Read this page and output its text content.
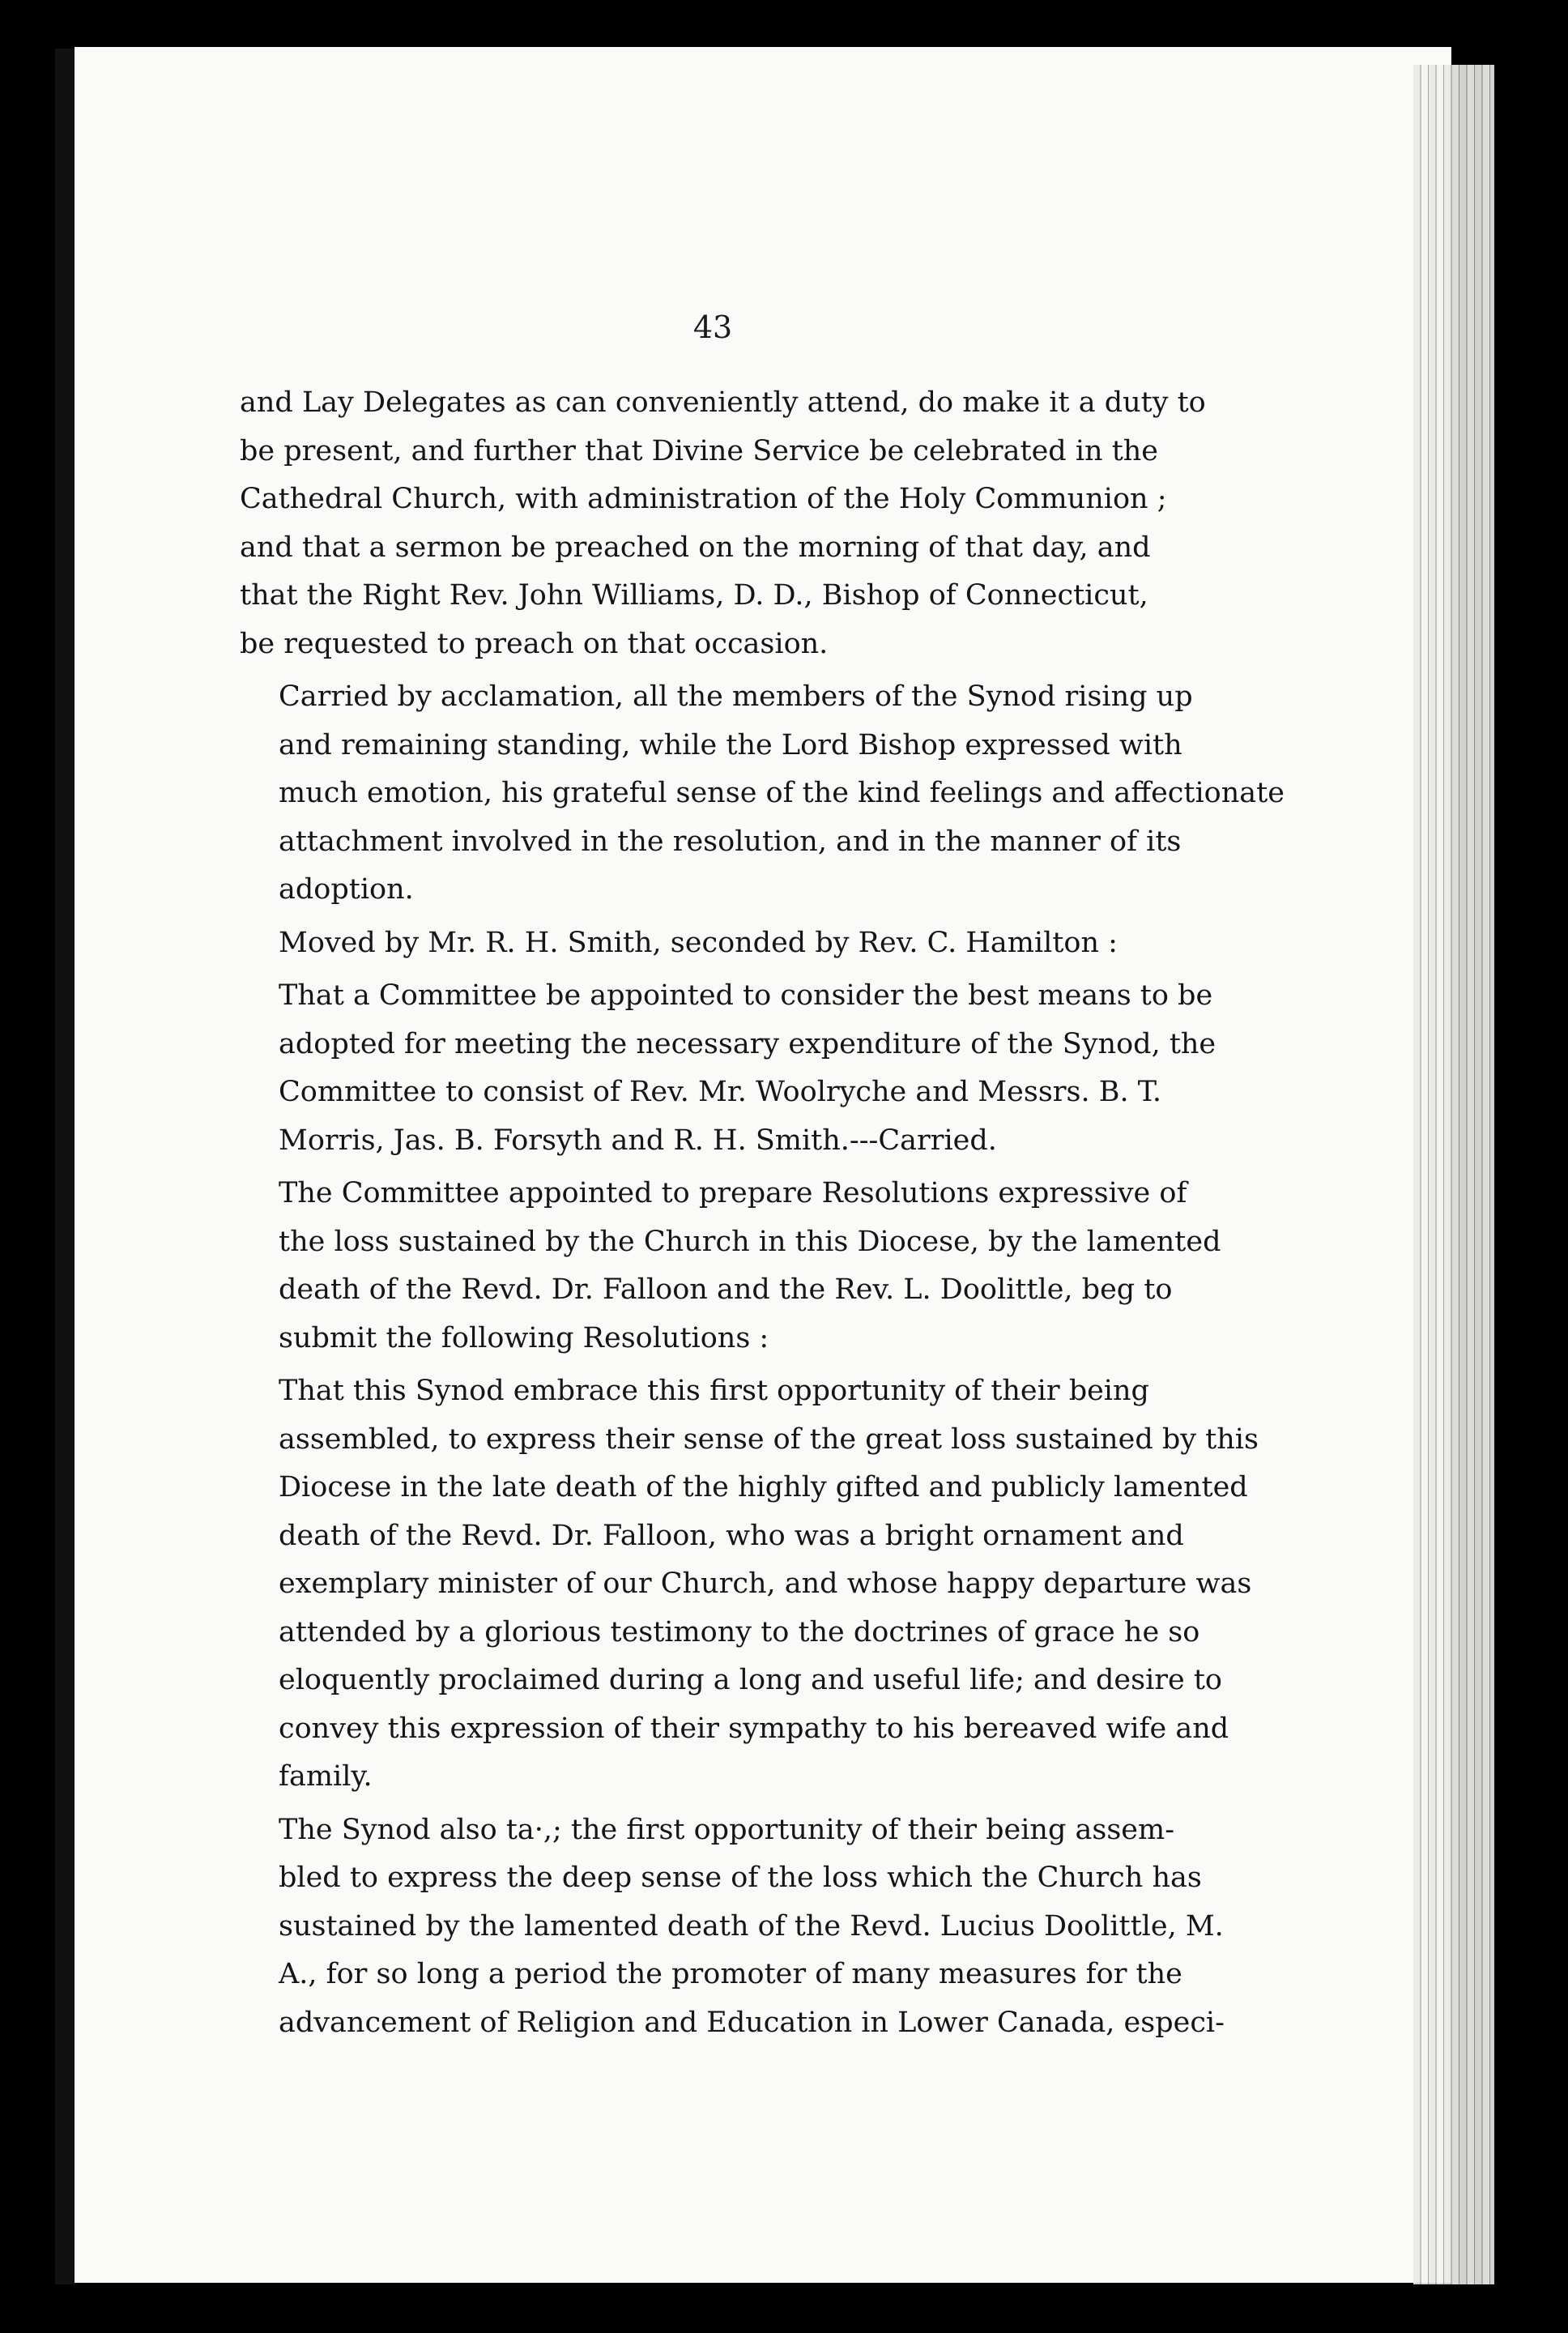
43

and Lay Delegates as can conveniently attend, do make it a duty to
be present, and further that Divine Service be celebrated in the
Cathedral Church, with administration of the Holy Communion ;
and that a sermon be preached on the morning of that day, and
that the Right Rev. John Williams, D. D., Bishop of Connecticut,
be requested to preach on that occasion.

Carried by acclamation, all the members of the Synod rising up
and remaining standing, while the Lord Bishop expressed with
much emotion, his grateful sense of the kind feelings and affectionate
attachment involved in the resolution, and in the manner of its
adoption.

Moved by Mr. R. H. Smith, seconded by Rev. C. Hamilton :

That a Committee be appointed to consider the best means to be
adopted for meeting the necessary expenditure of the Synod, the
Committee to consist of Rev. Mr. Woolryche and Messrs. B. T.
Morris, Jas. B. Forsyth and R. H. Smith.---Carried.

The Committee appointed to prepare Resolutions expressive of
the loss sustained by the Church in this Diocese, by the lamented
death of the Revd. Dr. Falloon and the Rev. L. Doolittle, beg to
submit the following Resolutions :

That this Synod embrace this first opportunity of their being
assembled, to express their sense of the great loss sustained by this
Diocese in the late death of the highly gifted and publicly lamented
death of the Revd. Dr. Falloon, who was a bright ornament and
exemplary minister of our Church, and whose happy departure was
attended by a glorious testimony to the doctrines of grace he so
eloquently proclaimed during a long and useful life; and desire to
convey this expression of their sympathy to his bereaved wife and
family.

The Synod also ta·,; the first opportunity of their being assem-
bled to express the deep sense of the loss which the Church has
sustained by the lamented death of the Revd. Lucius Doolittle, M.
A., for so long a period the promoter of many measures for the
advancement of Religion and Education in Lower Canada, especi-
